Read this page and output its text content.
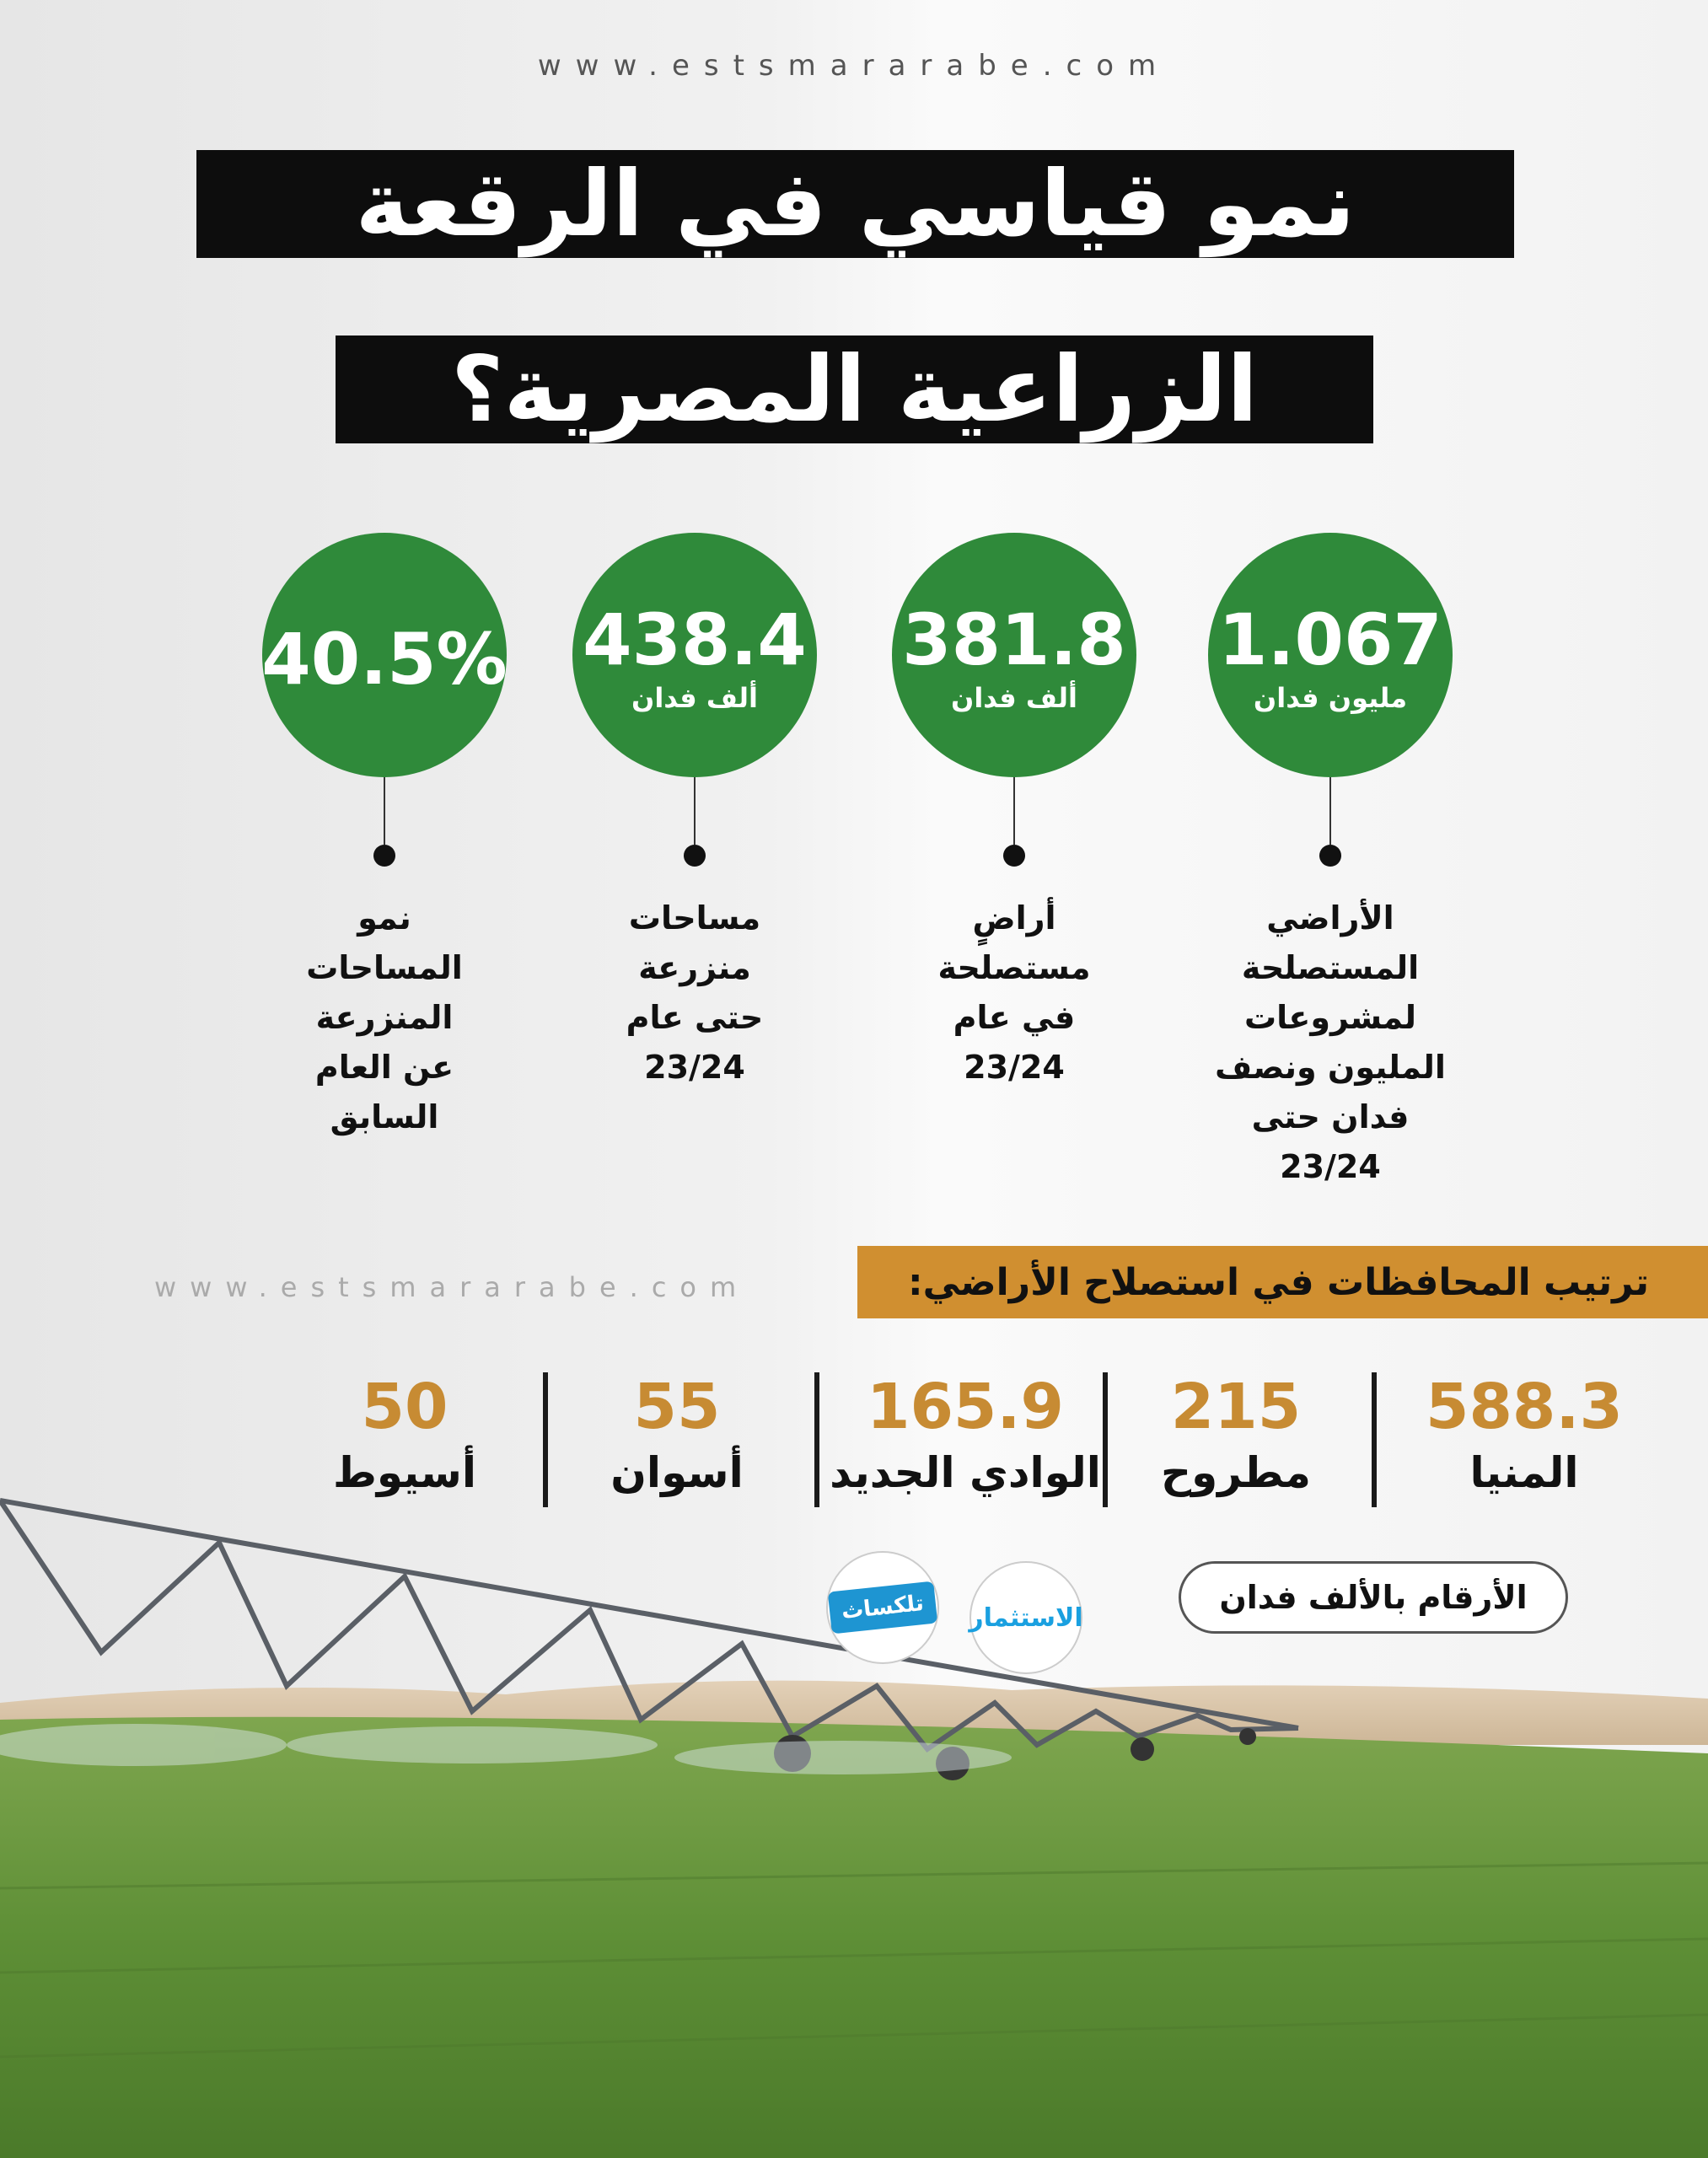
www.estsmararabe.com
نمو قياسي في الرقعة
الزراعية المصرية؟
1.067
مليون فدان
الأراضي
المستصلحة
لمشروعات
المليون ونصف
فدان حتى
23/24
381.8
ألف فدان
أراضٍ
مستصلحة
في عام
23/24
438.4
ألف فدان
مساحات
منزرعة
حتى عام
23/24
40.5%
نمو
المساحات
المنزرعة
عن العام
السابق
www.estsmararabe.com	ترتيب المحافظات في استصلاح الأراضي:
588.3
المنيا
215
مطروح
165.9
الوادي الجديد
55
أسوان
50
أسيوط
الأرقام بالألف فدان
الاستثمار
تلكساث
